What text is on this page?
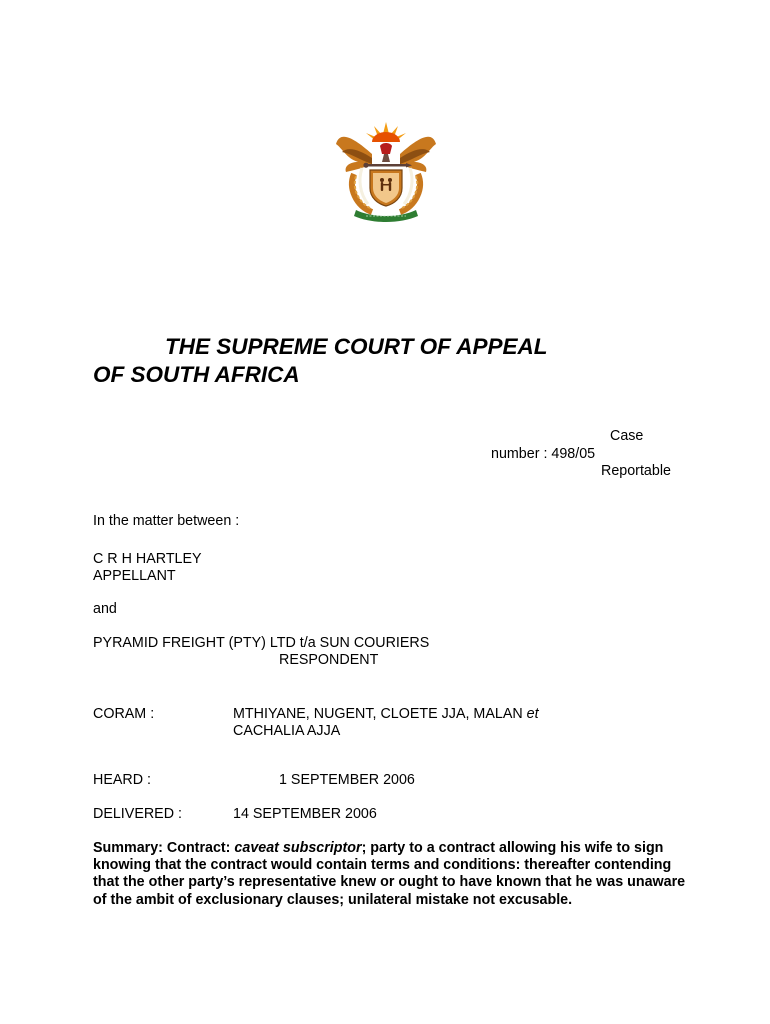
THE SUPREME COURT OF APPEAL
OF SOUTH AFRICA
Case
number : 498/05
Reportable
In the matter between :
C R H HARTLEY
APPELLANT
and
PYRAMID FREIGHT (PTY) LTD t/a SUN COURIERS
RESPONDENT
CORAM :	MTHIYANE, NUGENT, CLOETE JJA, MALAN et
CACHALIA AJJA
HEARD :	1 SEPTEMBER 2006
DELIVERED :	14 SEPTEMBER 2006
Summary: Contract: caveat subscriptor; party to a contract allowing his wife to sign knowing that the contract would contain terms and conditions: thereafter contending that the other party’s representative knew or ought to have known that he was unaware of the ambit of exclusionary clauses; unilateral mistake not excusable.
